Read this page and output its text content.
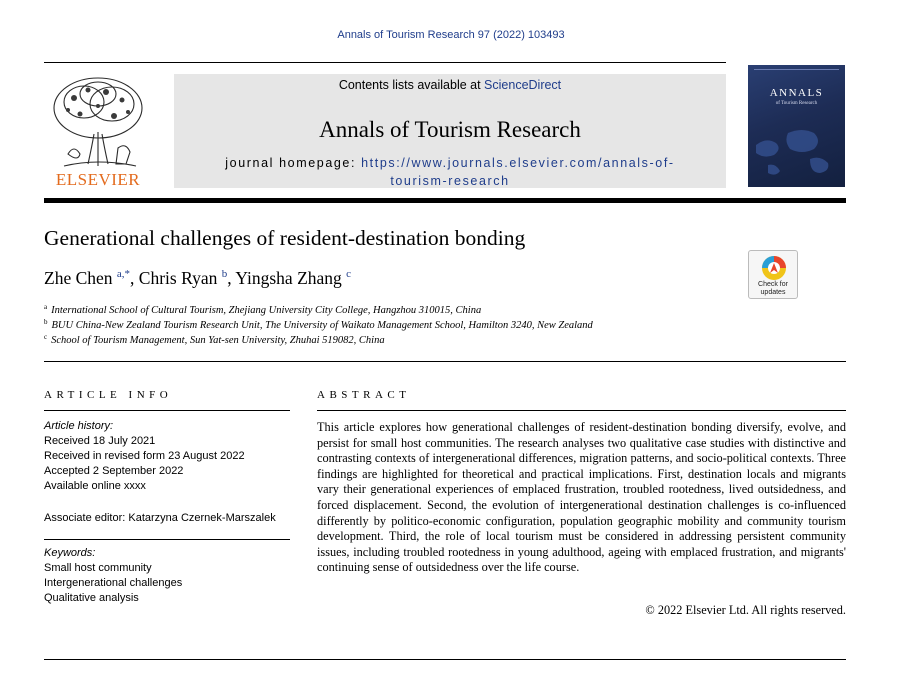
Annals of Tourism Research 97 (2022) 103493
ELSEVIER
Contents lists available at ScienceDirect
Annals of Tourism Research
journal homepage: https://www.journals.elsevier.com/annals-of-
tourism-research
ANNALS
of Tourism Research
Generational challenges of resident-destination bonding
Zhe Chen $^{a,*}$, Chris Ryan $^b$, Yingsha Zhang $^c$
Check for
updates
$^a$ International School of Cultural Tourism, Zhejiang University City College, Hangzhou 310015, China
$^b$ BUU China-New Zealand Tourism Research Unit, The University of Waikato Management School, Hamilton 3240, New Zealand
$^c$ School of Tourism Management, Sun Yat-sen University, Zhuhai 519082, China
ARTICLE INFO	ABSTRACT
Article history:
Received 18 July 2021
Received in revised form 23 August 2022
Accepted 2 September 2022
Available online xxxx
Associate editor: Katarzyna Czernek-Marszalek
Keywords:
Small host community
Intergenerational challenges
Qualitative analysis
This article explores how generational challenges of resident-destination bonding diversify, evolve, and persist for small host communities. The research analyses two qualitative case studies with distinctive and contrasting contexts of intergenerational differences, migration patterns, and socio-political contexts. Three findings are highlighted for theoretical and practical implications. First, destination locals and migrants vary their generational experiences of emplaced frustration, troubled rootedness, lived outsidedness, and forced displacement. Second, the evolution of intergenerational destination challenges is co-influenced differently by politico-economic configuration, population geographic mobility and community tourism development. Third, the role of local tourism must be considered in addressing persistent community issues, including troubled rootedness in young adulthood, ageing with emplaced frustration, and migrants' continuing sense of outsidedness over the life course.
© 2022 Elsevier Ltd. All rights reserved.
